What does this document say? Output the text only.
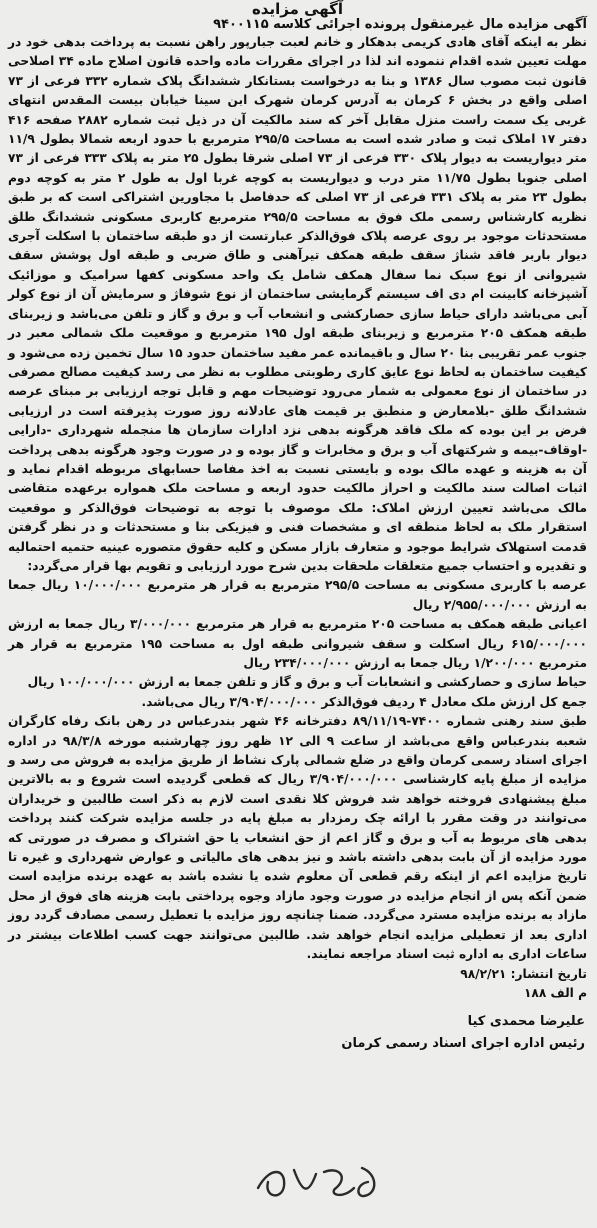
آگهی مزایده

آگهی مزایده مال غیرمنقول پرونده اجرائی کلاسه ۹۴۰۰۱۱۵

نظر به اینکه آقای هادی کریمی بدهکار و خانم لعبت جبارپور راهن نسبت به پرداخت بدهی خود در مهلت تعیین شده اقدام ننموده اند لذا در اجرای مقررات ماده واحده قانون اصلاح ماده ۳۴ اصلاحی قانون ثبت مصوب سال ۱۳۸۶ و بنا به درخواست بستانکار ششدانگ پلاک شماره ۳۳۲ فرعی از ۷۳ اصلی واقع در بخش ۶ کرمان به آدرس کرمان شهرک ابن سینا خیابان بیست المقدس انتهای غربی یک سمت راست منزل مقابل آخر که سند مالکیت آن در ذیل ثبت شماره ۲۸۸۲ صفحه ۴۱۶ دفتر ۱۷ املاک ثبت و صادر شده است به مساحت ۲۹۵/۵ مترمربع با حدود اربعه شمالا بطول ۱۱/۹ متر دیواریست به دیوار پلاک ۳۳۰ فرعی از ۷۳ اصلی شرقا بطول ۲۵ متر به پلاک ۳۳۳ فرعی از ۷۳ اصلی جنوبا بطول ۱۱/۷۵ متر درب و دیواریست به کوچه غربا اول به طول ۲ متر به کوچه دوم بطول ۲۳ متر به پلاک ۳۳۱ فرعی از ۷۳ اصلی که حدفاصل با مجاورین اشتراکی است که بر طبق نظریه کارشناس رسمی ملک فوق به مساحت ۲۹۵/۵ مترمربع کاربری مسکونی ششدانگ طلق مستحدثات موجود بر روی عرصه پلاک فوق‌الذکر عبارتست از دو طبقه ساختمان با اسکلت آجری دیوار باربر فاقد شناژ سقف طبقه همکف تیرآهنی و طاق ضربی و طبقه اول پوشش سقف شیروانی از نوع سبک نما سفال همکف شامل یک واحد مسکونی کفها سرامیک و موزائیک آشپزخانه کابینت ام دی اف سیستم گرمایشی ساختمان از نوع شوفاژ و سرمایش آن از نوع کولر آبی می‌باشد دارای حیاط سازی حصارکشی و انشعاب آب و برق و گاز و تلفن می‌باشد و زیربنای طبقه همکف ۲۰۵ مترمربع و زیربنای طبقه اول ۱۹۵ مترمربع و موقعیت ملک شمالی معبر در جنوب عمر تقریبی بنا ۲۰ سال و باقیمانده عمر مفید ساختمان حدود ۱۵ سال تخمین زده می‌شود و کیفیت ساختمان به لحاظ نوع عایق کاری رطوبتی مطلوب به نظر می رسد کیفیت مصالح مصرفی در ساختمان از نوع معمولی به شمار می‌رود توضیحات مهم و قابل توجه ارزیابی بر مبنای عرصه ششدانگ طلق -بلامعارض و منطبق بر قیمت های عادلانه روز صورت پذیرفته است در ارزیابی فرض بر این بوده که ملک فاقد هرگونه بدهی نزد ادارات سازمان ها منجمله شهرداری -دارایی -اوقاف-بیمه و شرکتهای آب و برق و مخابرات و گاز بوده و در صورت وجود هرگونه بدهی پرداخت آن به هزینه و عهده مالک بوده و بایستی نسبت به اخذ مفاصا حسابهای مربوطه اقدام نماید و اثبات اصالت سند مالکیت و احراز مالکیت حدود اربعه و مساحت ملک همواره برعهده متقاضی مالک می‌باشد تعیین ارزش املاک: ملک موصوف با توجه به توضیحات فوق‌الذکر و موقعیت استقرار ملک به لحاظ منطقه ای و مشخصات فنی و فیزیکی بنا و مستحدثات و در نظر گرفتن قدمت استهلاک شرایط موجود و متعارف بازار مسکن و کلیه حقوق متصوره عینیه حتمیه احتمالیه و تقدیره و احتساب جمیع متعلقات ملحقات بدین شرح مورد ارزیابی و تقویم بها قرار می‌گردد:

عرصه با کاربری مسکونی به مساحت ۲۹۵/۵ مترمربع به قرار هر مترمربع ۱۰/۰۰۰/۰۰۰ ریال جمعا به ارزش ۲/۹۵۵/۰۰۰/۰۰۰ ریال

اعیانی طبقه همکف به مساحت ۲۰۵ مترمربع به قرار هر مترمربع ۳/۰۰۰/۰۰۰ ریال جمعا به ارزش ۶۱۵/۰۰۰/۰۰۰ ریال اسکلت و سقف شیروانی طبقه اول به مساحت ۱۹۵ مترمربع به قرار هر مترمربع ۱/۲۰۰/۰۰۰ ریال جمعا به ارزش ۲۳۴/۰۰۰/۰۰۰ ریال

حیاط سازی و حصارکشی و انشعابات آب و برق و گاز و تلفن جمعا به ارزش ۱۰۰/۰۰۰/۰۰۰ ریال

جمع کل ارزش ملک معادل ۴ ردیف فوق‌الذکر ۳/۹۰۴/۰۰۰/۰۰۰ ریال می‌باشد.

طبق سند رهنی شماره ۷۴۰۰-۸۹/۱۱/۱۹ دفترخانه ۴۶ شهر بندرعباس در رهن بانک رفاه کارگران شعبه بندرعباس واقع می‌باشد از ساعت ۹ الی ۱۲ ظهر روز چهارشنبه مورخه ۹۸/۳/۸ در اداره اجرای اسناد رسمی کرمان واقع در ضلع شمالی پارک نشاط از طریق مزایده به فروش می رسد و مزایده از مبلغ پایه کارشناسی ۳/۹۰۴/۰۰۰/۰۰۰ ریال که قطعی گردیده است شروع و به بالاترین مبلغ پیشنهادی فروخته خواهد شد فروش کلا نقدی است لازم به ذکر است طالبین و خریداران می‌توانند در وقت مقرر با ارائه چک رمزدار به مبلغ پایه در جلسه مزایده شرکت کنند پرداخت بدهی های مربوط به آب و برق و گاز اعم از حق انشعاب یا حق اشتراک و مصرف در صورتی که مورد مزایده از آن بابت بدهی داشته باشد و نیز بدهی های مالیاتی و عوارض شهرداری و غیره تا تاریخ مزایده اعم از اینکه رقم قطعی آن معلوم شده یا نشده باشد به عهده برنده مزایده است ضمن آنکه پس از انجام مزایده در صورت وجود مازاد وجوه پرداختی بابت هزینه های فوق از محل مازاد به برنده مزایده مسترد می‌گردد. ضمنا چنانچه روز مزایده با تعطیل رسمی مصادف گردد روز اداری بعد از تعطیلی مزایده انجام خواهد شد. طالبین می‌توانند جهت کسب اطلاعات بیشتر در ساعات اداری به اداره ثبت اسناد مراجعه نمایند.

تاریخ انتشار: ۹۸/۲/۲۱

م الف ۱۸۸

علیرضا محمدی کیا

رئیس اداره اجرای اسناد رسمی کرمان
